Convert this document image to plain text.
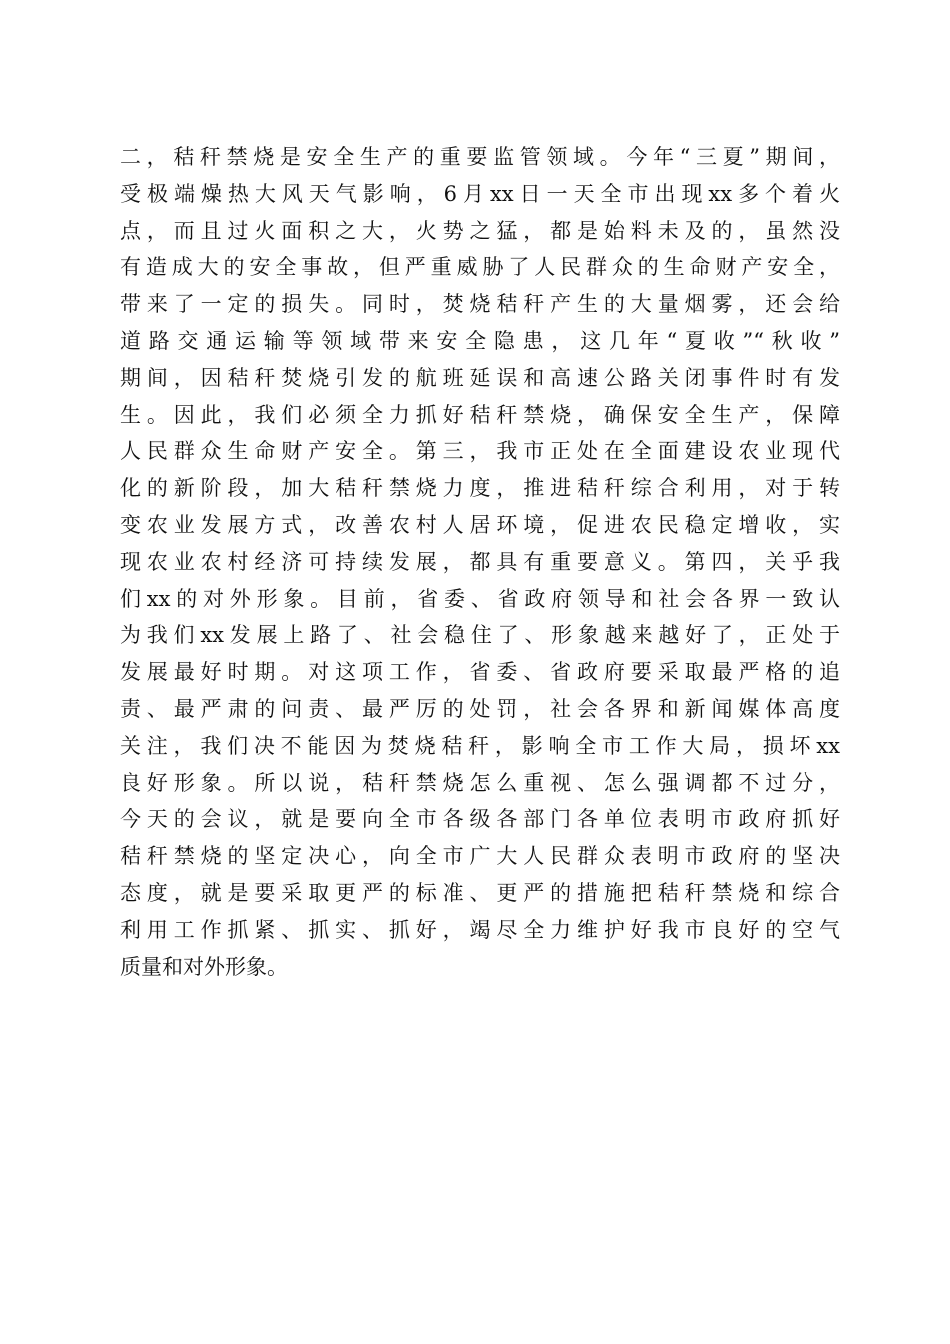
二，秸秆禁烧是安全生产的重要监管领域。今年“三夏”期间，
受极端燥热大风天气影响，6月xx日一天全市出现xx多个着火
点，而且过火面积之大，火势之猛，都是始料未及的，虽然没
有造成大的安全事故，但严重威胁了人民群众的生命财产安全，
带来了一定的损失。同时，焚烧秸秆产生的大量烟雾，还会给
道路交通运输等领域带来安全隐患，这几年“夏收”“秋收”
期间，因秸秆焚烧引发的航班延误和高速公路关闭事件时有发
生。因此，我们必须全力抓好秸秆禁烧，确保安全生产，保障
人民群众生命财产安全。第三，我市正处在全面建设农业现代
化的新阶段，加大秸秆禁烧力度，推进秸秆综合利用，对于转
变农业发展方式，改善农村人居环境，促进农民稳定增收，实
现农业农村经济可持续发展，都具有重要意义。第四，关乎我
们xx的对外形象。目前，省委、省政府领导和社会各界一致认
为我们xx发展上路了、社会稳住了、形象越来越好了，正处于
发展最好时期。对这项工作，省委、省政府要采取最严格的追
责、最严肃的问责、最严厉的处罚，社会各界和新闻媒体高度
关注，我们决不能因为焚烧秸秆，影响全市工作大局，损坏xx
良好形象。所以说，秸秆禁烧怎么重视、怎么强调都不过分，
今天的会议，就是要向全市各级各部门各单位表明市政府抓好
秸秆禁烧的坚定决心，向全市广大人民群众表明市政府的坚决
态度，就是要采取更严的标准、更严的措施把秸秆禁烧和综合
利用工作抓紧、抓实、抓好，竭尽全力维护好我市良好的空气
质量和对外形象。
